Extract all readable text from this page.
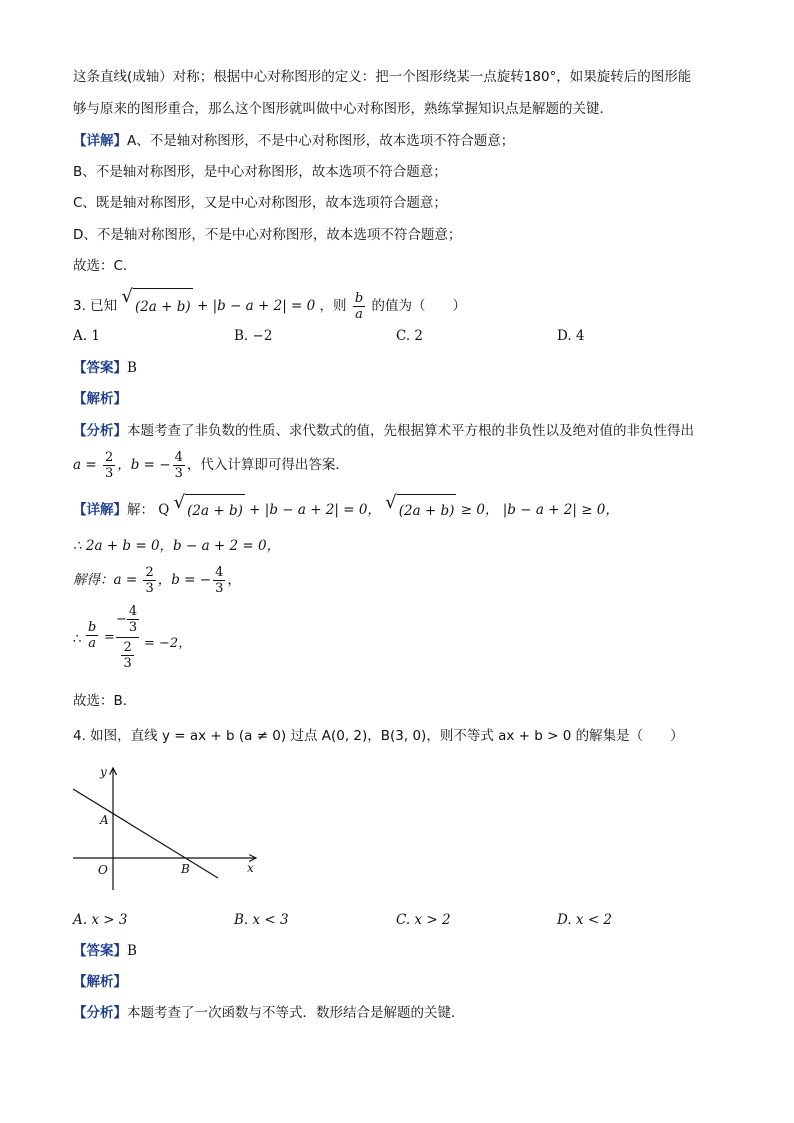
这条直线(成轴）对称；根据中心对称图形的定义：把一个图形绕某一点旋转180°，如果旋转后的图形能
够与原来的图形重合，那么这个图形就叫做中心对称图形，熟练掌握知识点是解题的关键．
【详解】A、不是轴对称图形，不是中心对称图形，故本选项不符合题意；
B、不是轴对称图形，是中心对称图形，故本选项不符合题意；
C、既是轴对称图形，又是中心对称图形，故本选项符合题意；
D、不是轴对称图形，不是中心对称图形，故本选项不符合题意；
故选：C．
3. 已知 √ (2a + b) + |b − a + 2| = 0 ，则 $\frac{b}{a}$ 的值为（　　）
A. 1	B. −2	C. 2	D. 4
【答案】B
【解析】
【分析】本题考查了非负数的性质、求代数式的值，先根据算术平方根的非负性以及绝对值的非负性得出
$a = \frac{2}{3}$ ，b = − $\frac{4}{3}$ ，代入计算即可得出答案．
【详解】解： Q √ (2a + b) + |b − a + 2| = 0， √ (2a + b) ≥ 0， |b − a + 2| ≥ 0，
∴ 2a + b = 0，b − a + 2 = 0，
解得：$a = \frac{2}{3}$ ，b = − $\frac{4}{3}$ ，
∴
b
a =
− $\frac{4}{3}$
$\frac{2}{3} = -2$，
故选：B．
4. 如图，直线 y = ax + b (a ≠ 0) 过点 A(0, 2)，B(3, 0)，则不等式 ax + b > 0 的解集是（　　）
y
x
O
A
B
A. x > 3	B. x < 3	C. x > 2	D. x < 2
【答案】B
【解析】
【分析】本题考查了一次函数与不等式．数形结合是解题的关键．
